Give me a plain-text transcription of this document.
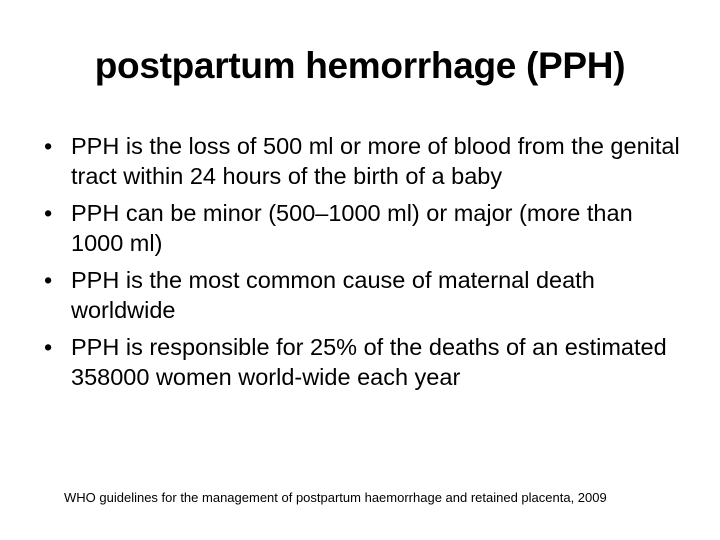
postpartum hemorrhage (PPH)
• PPH is the loss of 500 ml or more of blood from the genital tract within 24 hours of the birth of a baby
• PPH can be minor (500–1000 ml) or major (more than 1000 ml)
• PPH is the most common cause of maternal death worldwide
• PPH is responsible for 25% of the deaths of an estimated 358000 women world-wide each year
WHO guidelines for the management of postpartum haemorrhage and retained placenta, 2009
